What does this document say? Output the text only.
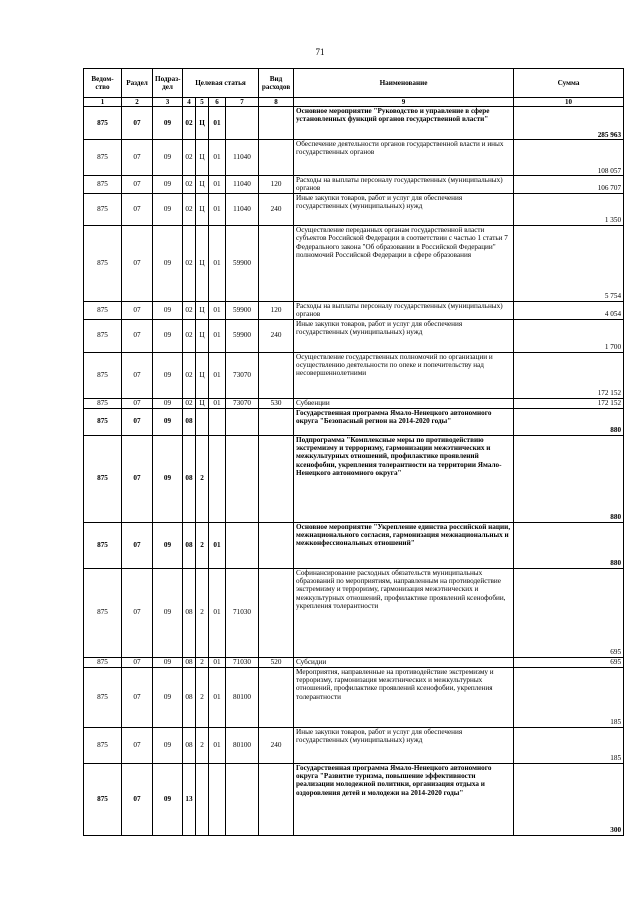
71
Ведом-ство	Раздел	Подраз-дел	Целевая статья				Вид расходов	Наименование	Сумма
1	2	3	4	5	6	7	8	9	10
875	07	09	02	Ц	01			Основное мероприятие "Руководство и управление в сфере установленных функций органов государственной власти"	285 963
875	07	09	02	Ц	01	11040		Обеспечение деятельности органов государственной власти и иных государственных органов	108 057
875	07	09	02	Ц	01	11040	120	Расходы на выплаты персоналу государственных (муниципальных) органов	106 707
875	07	09	02	Ц	01	11040	240	Иные закупки товаров, работ и услуг для обеспечения государственных (муниципальных) нужд	1 350
875	07	09	02	Ц	01	59900		Осуществление переданных органам государственной власти субъектов Российской Федерации в соответствии с частью 1 статьи 7 Федерального закона "Об образовании в Российской Федерации" полномочий Российской Федерации в сфере образования	5 754
875	07	09	02	Ц	01	59900	120	Расходы на выплаты персоналу государственных (муниципальных) органов	4 054
875	07	09	02	Ц	01	59900	240	Иные закупки товаров, работ и услуг для обеспечения государственных (муниципальных) нужд	1 700
875	07	09	02	Ц	01	73070		Осуществление государственных полномочий по организации и осуществлению деятельности по опеке и попечительству над несовершеннолетними	172 152
875	07	09	02	Ц	01	73070	530	Субвенции	172 152
875	07	09	08					Государственная программа Ямало-Ненецкого автономного округа "Безопасный регион на 2014-2020 годы"	880
875	07	09	08	2				Подпрограмма "Комплексные меры по противодействию экстремизму и терроризму, гармонизации межэтнических и межкультурных отношений, профилактике проявлений ксенофобии, укрепления толерантности на территории Ямало-Ненецкого автономного округа"	880
875	07	09	08	2	01			Основное мероприятие "Укрепление единства российской нации, межнационального согласия, гармонизация межнациональных и межконфессиональных отношений"	880
875	07	09	08	2	01	71030		Софинансирование расходных обязательств муниципальных образований по мероприятиям, направленным на противодействие экстремизму и терроризму, гармонизация межэтнических и межкультурных отношений, профилактике проявлений ксенофобии, укрепления толерантности	695
875	07	09	08	2	01	71030	520	Субсидии	695
875	07	09	08	2	01	80100		Мероприятия, направленные на противодействие экстремизму и терроризму, гармонизация межэтнических и межкультурных отношений, профилактике проявлений ксенофобии, укрепления толерантности	185
875	07	09	08	2	01	80100	240	Иные закупки товаров, работ и услуг для обеспечения государственных (муниципальных) нужд	185
875	07	09	13					Государственная программа Ямало-Ненецкого автономного округа "Развитие туризма, повышение эффективности реализации молодежной политики, организация отдыха и оздоровления детей и молодежи на 2014-2020 годы"	300
